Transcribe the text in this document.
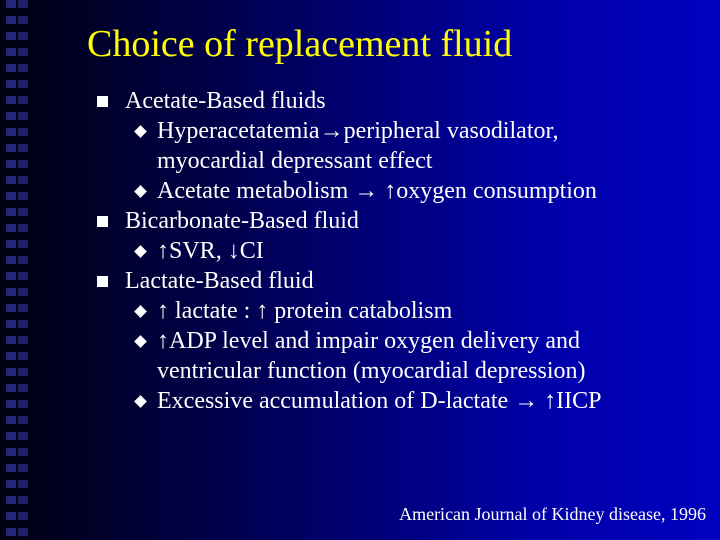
Choice of replacement fluid
Acetate-Based fluids
Hyperacetatemia→peripheral vasodilator,
myocardial depressant effect
Acetate metabolism → ↑oxygen consumption
Bicarbonate-Based fluid
↑SVR, ↓CI
Lactate-Based fluid
↑ lactate : ↑ protein catabolism
↑ADP level and impair oxygen delivery and
ventricular function (myocardial depression)
Excessive accumulation of D-lactate → ↑IICP
American Journal of Kidney disease, 1996
